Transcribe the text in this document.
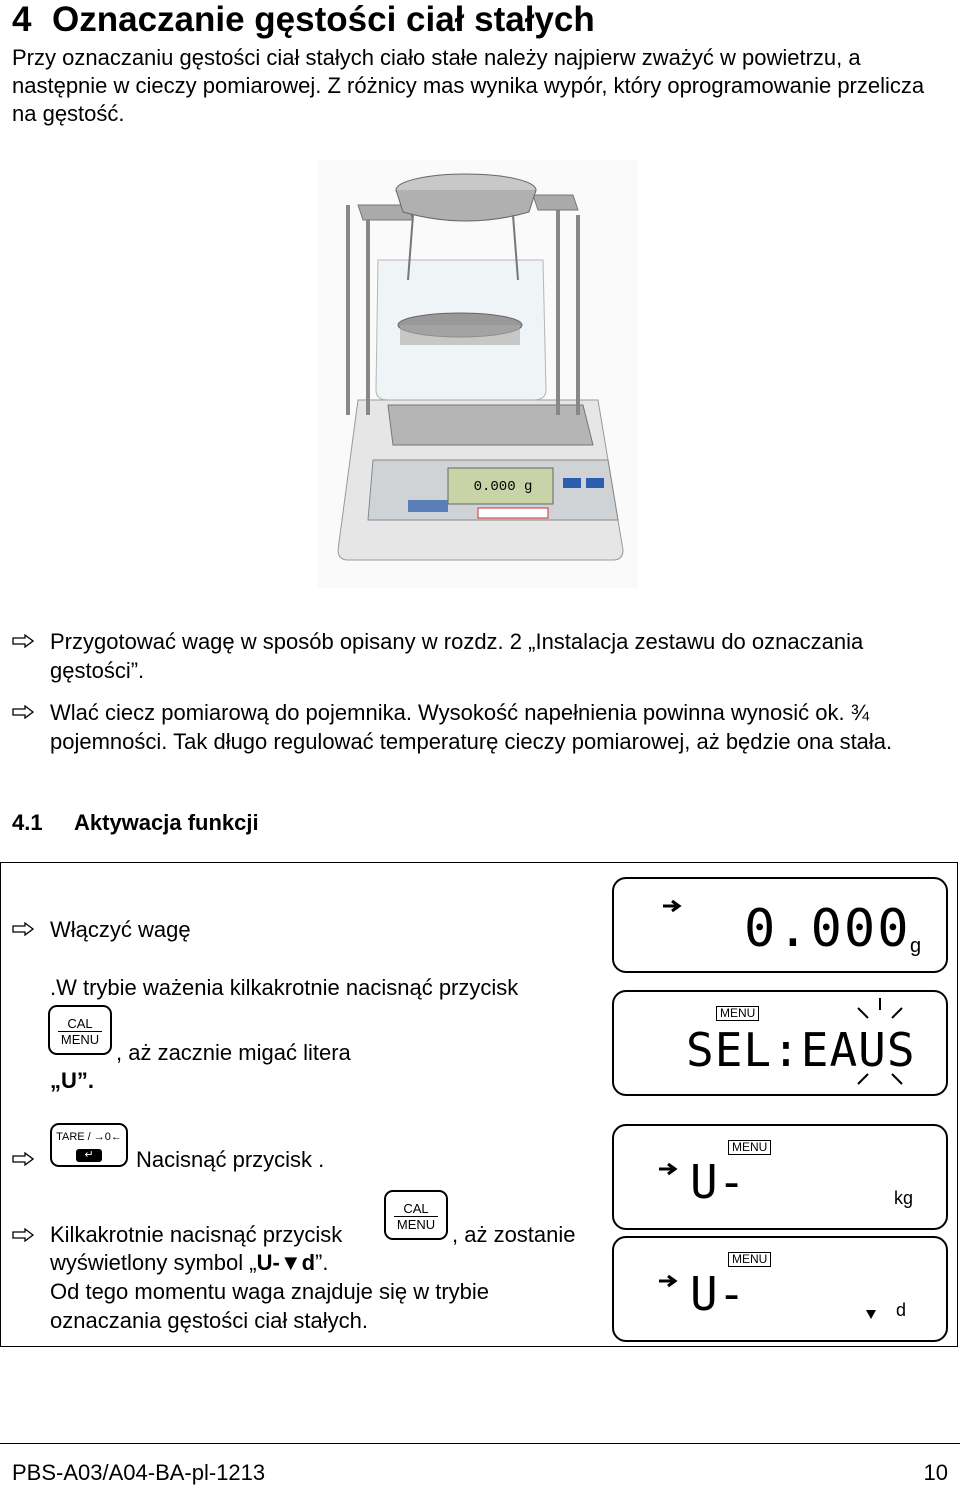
4 Oznaczanie gęstości ciał stałych
Przy oznaczaniu gęstości ciał stałych ciało stałe należy najpierw zważyć w powietrzu, a następnie w cieczy pomiarowej. Z różnicy mas wynika wypór, który oprogramowanie przelicza na gęstość.
0.000 g
Przygotować wagę w sposób opisany w rozdz. 2 „Instalacja zestawu do oznaczania gęstości”.
Wlać ciecz pomiarową do pojemnika. Wysokość napełnienia powinna wynosić ok. ¾ pojemności. Tak długo regulować temperaturę cieczy pomiarowej, aż będzie ona stała.
4.1 Aktywacja funkcji
Włączyć wagę
.W trybie ważenia kilkakrotnie nacisnąć przycisk
CAL
MENU
, aż zacznie migać litera
„U”.
TARE / →0←
↵	Nacisnąć przycisk .
Kilkakrotnie nacisnąć przycisk
CAL
MENU , aż zostanie
wyświetlony symbol „U-▼d”.
Od tego momentu waga znajduje się w trybie
oznaczania gęstości ciał stałych.
0.000 g
MENU
SEL:EAUS
MENU
U-	kg
MENU
U-	d
PBS-A03/A04-BA-pl-1213	10
